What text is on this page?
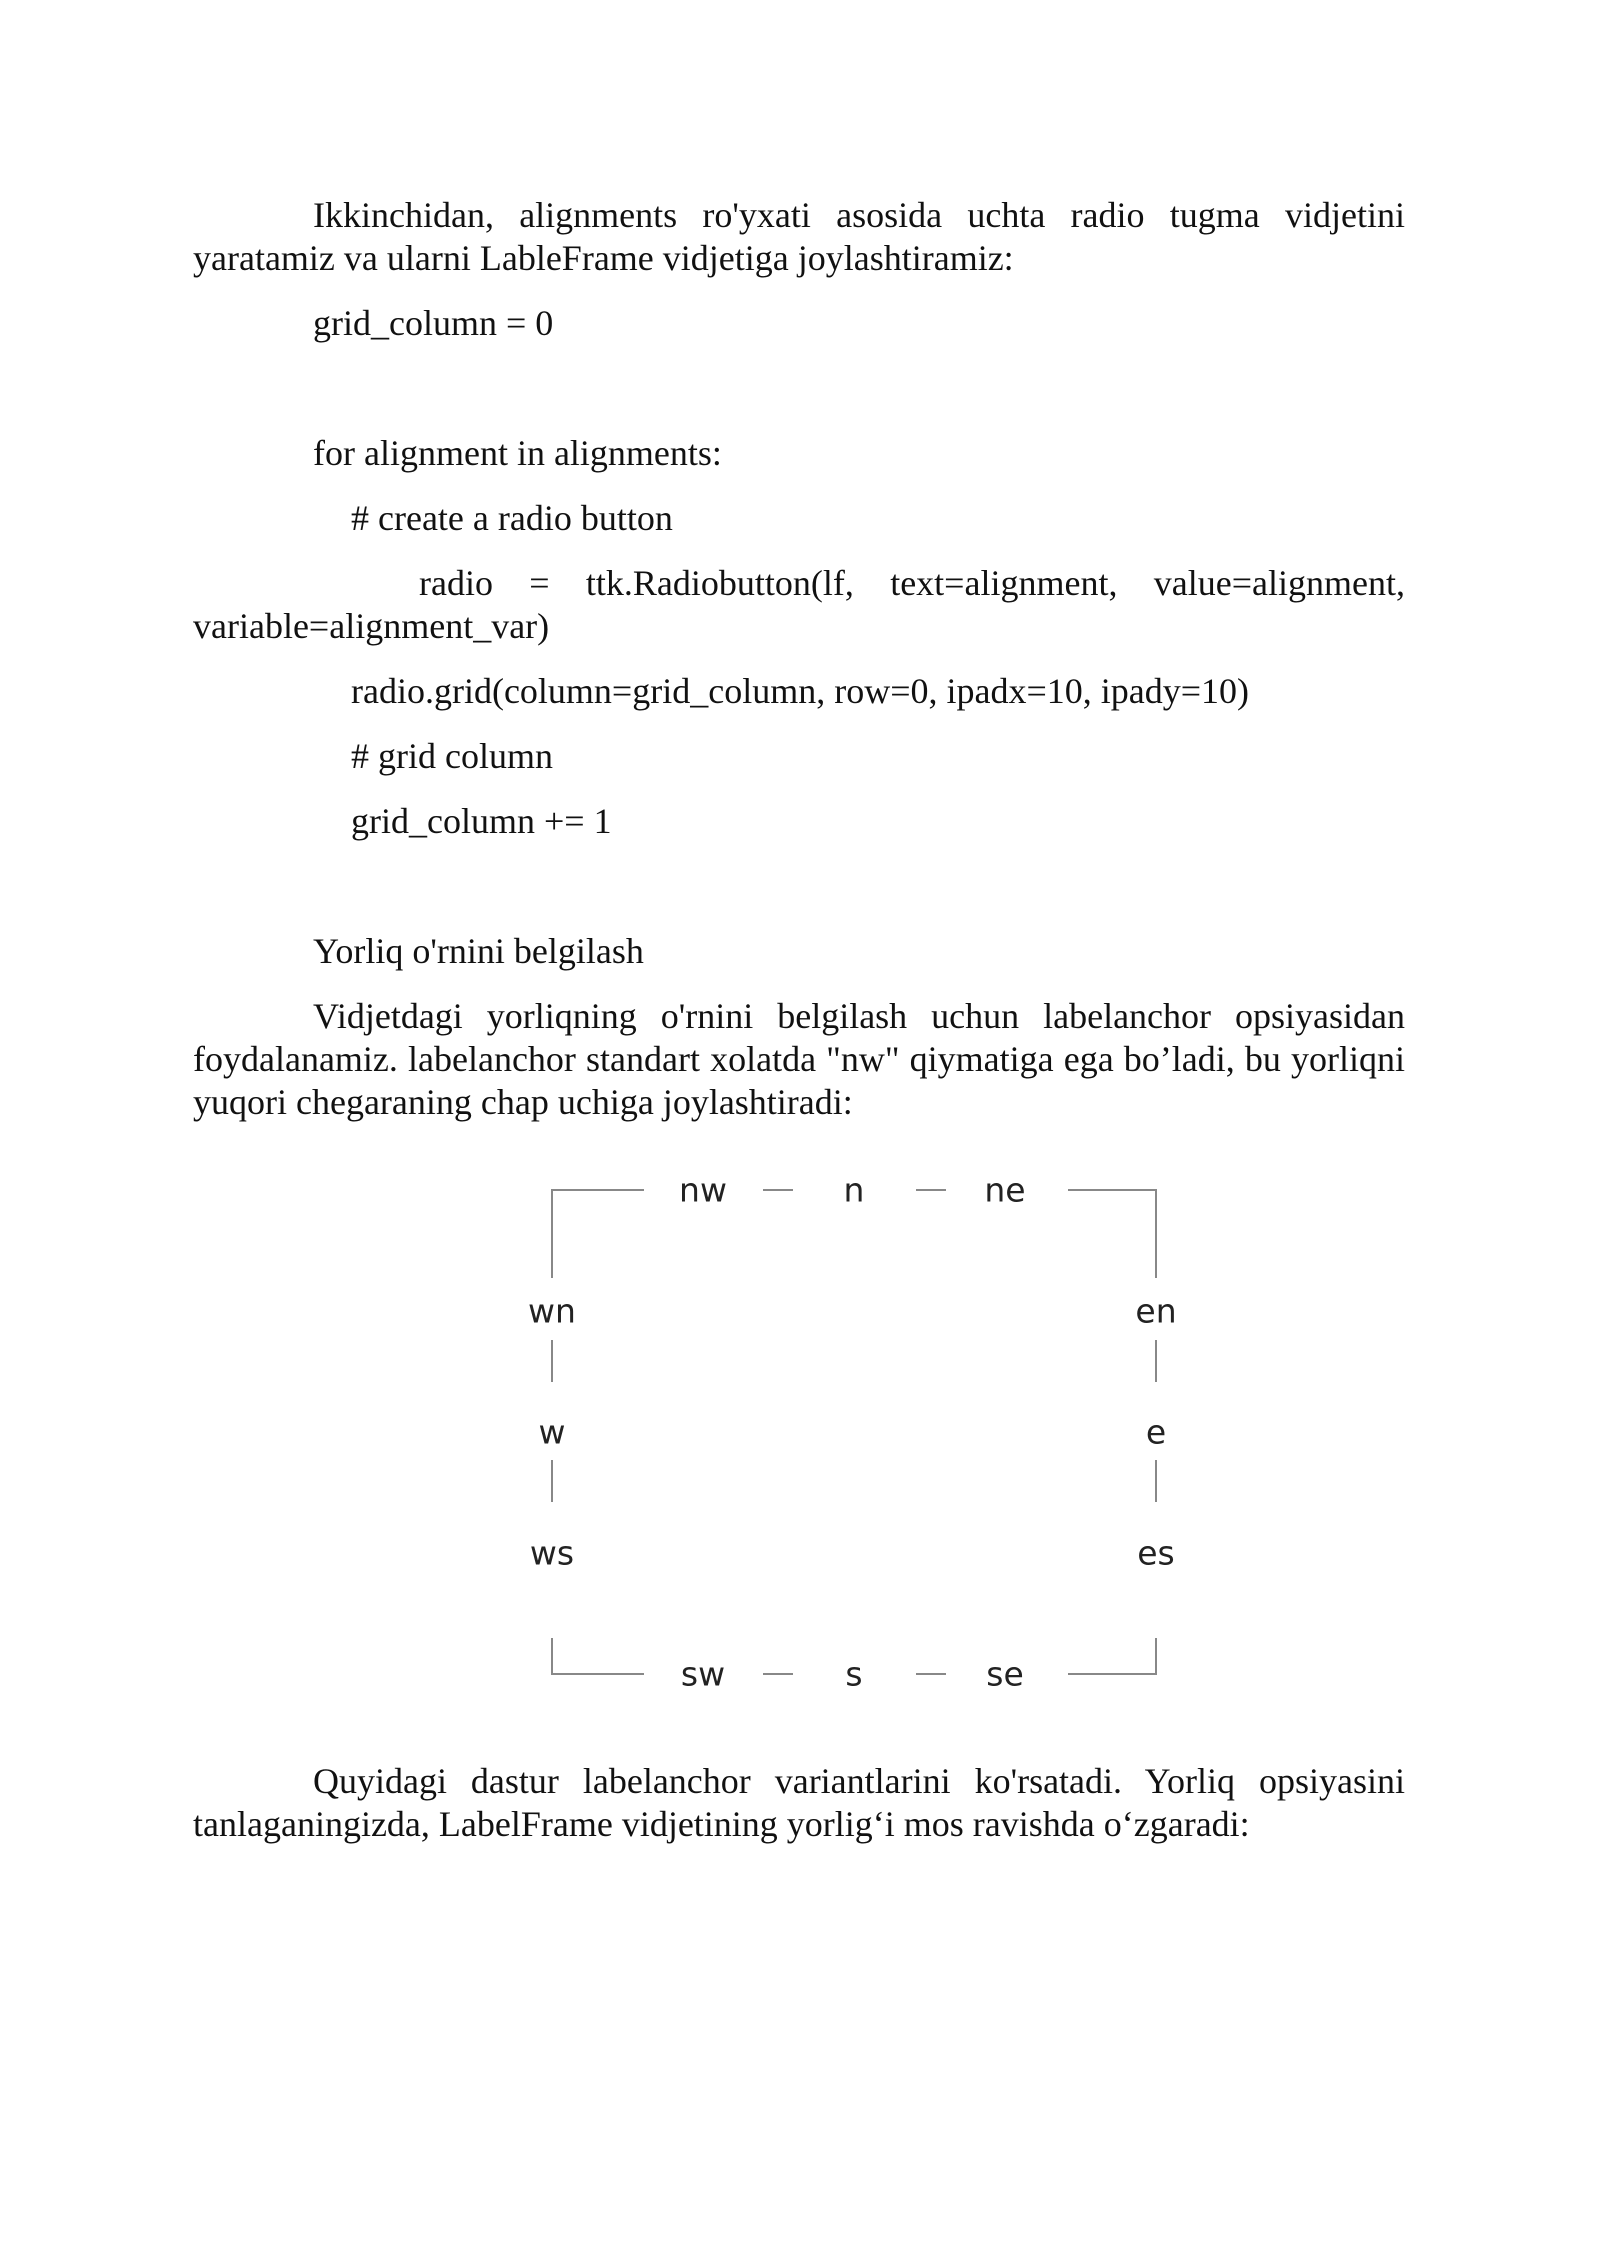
Ikkinchidan, alignments ro'yxati asosida uchta radio tugma vidjetini yaratamiz va ularni LableFrame vidjetiga joylashtiramiz:
grid_column = 0
for alignment in alignments:
# create a radio button
radio = ttk.Radiobutton(lf, text=alignment, value=alignment,
variable=alignment_var)
radio.grid(column=grid_column, row=0, ipadx=10, ipady=10)
# grid column
grid_column += 1
Yorliq o'rnini belgilash
Vidjetdagi yorliqning o'rnini belgilash uchun labelanchor opsiyasidan foydalanamiz. labelanchor standart xolatda "nw" qiymatiga ega bo’ladi, bu yorliqni yuqori chegaraning chap uchiga joylashtiradi:
nw	n	ne
sw	s	se
wn
w
ws
en
e
es
Quyidagi dastur labelanchor variantlarini ko'rsatadi. Yorliq opsiyasini tanlaganingizda, LabelFrame vidjetining yorlig‘i mos ravishda o‘zgaradi:
